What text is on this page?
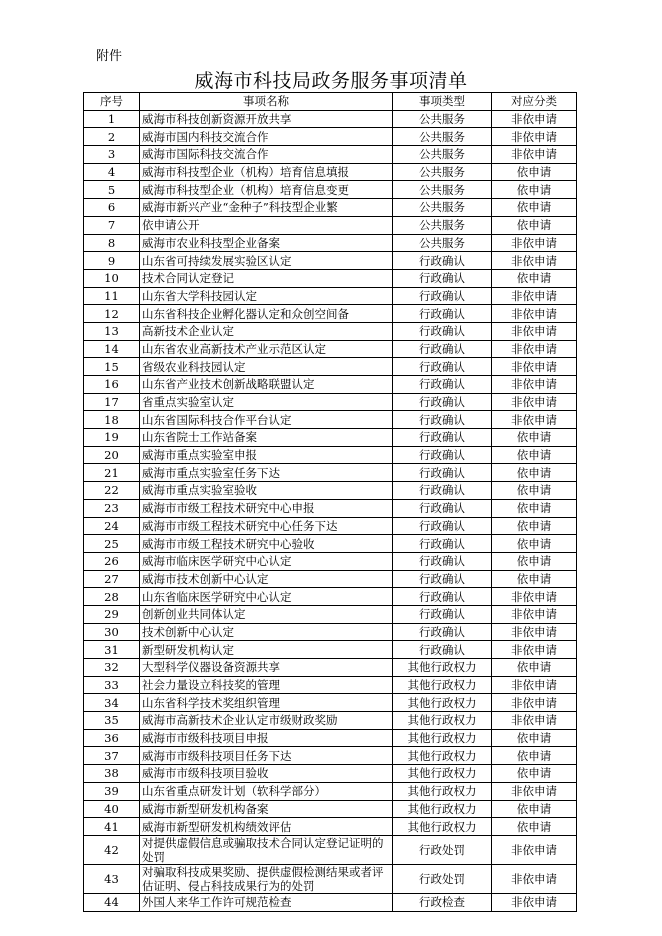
附件
威海市科技局政务服务事项清单
序号	事项名称	事项类型	对应分类
1	威海市科技创新资源开放共享	公共服务	非依申请
2	威海市国内科技交流合作	公共服务	非依申请
3	威海市国际科技交流合作	公共服务	非依申请
4	威海市科技型企业（机构）培育信息填报	公共服务	依申请
5	威海市科技型企业（机构）培育信息变更	公共服务	依申请
6	威海市新兴产业“金种子”科技型企业繁	公共服务	依申请
7	依申请公开	公共服务	依申请
8	威海市农业科技型企业备案	公共服务	非依申请
9	山东省可持续发展实验区认定	行政确认	非依申请
10	技术合同认定登记	行政确认	依申请
11	山东省大学科技园认定	行政确认	非依申请
12	山东省科技企业孵化器认定和众创空间备	行政确认	非依申请
13	高新技术企业认定	行政确认	非依申请
14	山东省农业高新技术产业示范区认定	行政确认	非依申请
15	省级农业科技园认定	行政确认	非依申请
16	山东省产业技术创新战略联盟认定	行政确认	非依申请
17	省重点实验室认定	行政确认	非依申请
18	山东省国际科技合作平台认定	行政确认	非依申请
19	山东省院士工作站备案	行政确认	依申请
20	威海市重点实验室申报	行政确认	依申请
21	威海市重点实验室任务下达	行政确认	依申请
22	威海市重点实验室验收	行政确认	依申请
23	威海市市级工程技术研究中心申报	行政确认	依申请
24	威海市市级工程技术研究中心任务下达	行政确认	依申请
25	威海市市级工程技术研究中心验收	行政确认	依申请
26	威海市临床医学研究中心认定	行政确认	依申请
27	威海市技术创新中心认定	行政确认	依申请
28	山东省临床医学研究中心认定	行政确认	非依申请
29	创新创业共同体认定	行政确认	非依申请
30	技术创新中心认定	行政确认	非依申请
31	新型研发机构认定	行政确认	非依申请
32	大型科学仪器设备资源共享	其他行政权力	依申请
33	社会力量设立科技奖的管理	其他行政权力	非依申请
34	山东省科学技术奖组织管理	其他行政权力	非依申请
35	威海市高新技术企业认定市级财政奖励	其他行政权力	非依申请
36	威海市市级科技项目申报	其他行政权力	依申请
37	威海市市级科技项目任务下达	其他行政权力	依申请
38	威海市市级科技项目验收	其他行政权力	依申请
39	山东省重点研发计划（软科学部分）	其他行政权力	非依申请
40	威海市新型研发机构备案	其他行政权力	依申请
41	威海市新型研发机构绩效评估	其他行政权力	依申请
42	对提供虚假信息或骗取技术合同认定登记证明的处罚	行政处罚	非依申请
43	对骗取科技成果奖励、提供虚假检测结果或者评估证明、侵占科技成果行为的处罚	行政处罚	非依申请
44	外国人来华工作许可规范检查	行政检查	非依申请
